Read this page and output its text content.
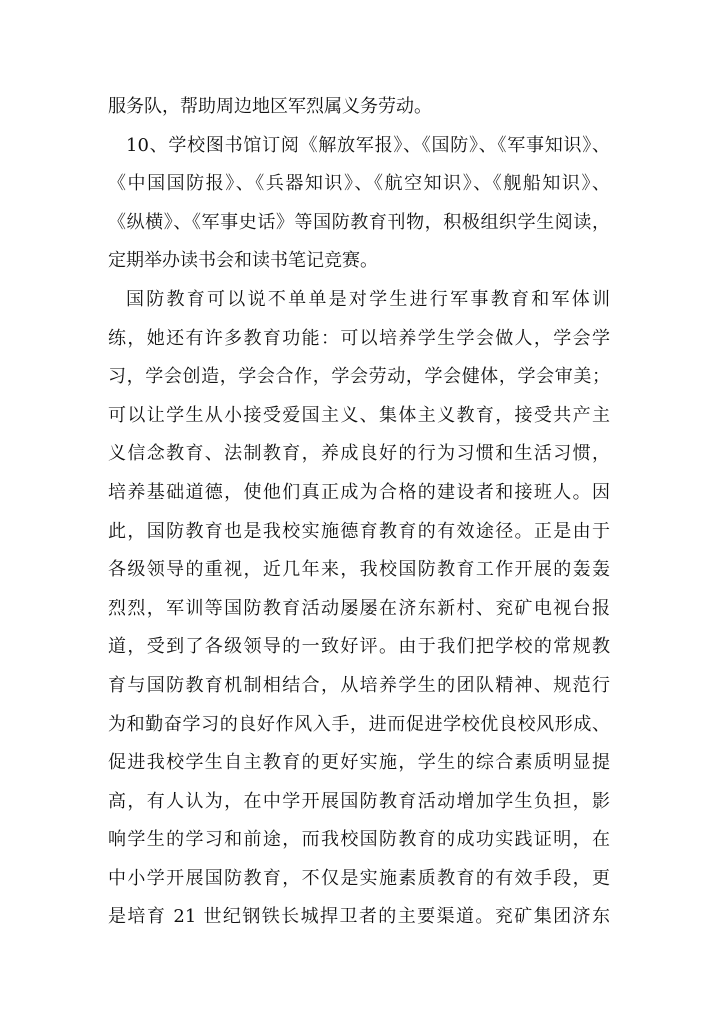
服务队，帮助周边地区军烈属义务劳动。
10、学校图书馆订阅《解放军报》、《国防》、《军事知识》、
《中国国防报》、《兵器知识》、《航空知识》、《舰船知识》、
《纵横》、《军事史话》等国防教育刊物，积极组织学生阅读，
定期举办读书会和读书笔记竞赛。
国防教育可以说不单单是对学生进行军事教育和军体训
练，她还有许多教育功能：可以培养学生学会做人，学会学
习，学会创造，学会合作，学会劳动，学会健体，学会审美；
可以让学生从小接受爱国主义、集体主义教育，接受共产主
义信念教育、法制教育，养成良好的行为习惯和生活习惯，
培养基础道德，使他们真正成为合格的建设者和接班人。因
此，国防教育也是我校实施德育教育的有效途径。正是由于
各级领导的重视，近几年来，我校国防教育工作开展的轰轰
烈烈，军训等国防教育活动屡屡在济东新村、兖矿电视台报
道，受到了各级领导的一致好评。由于我们把学校的常规教
育与国防教育机制相结合，从培养学生的团队精神、规范行
为和勤奋学习的良好作风入手，进而促进学校优良校风形成、
促进我校学生自主教育的更好实施，学生的综合素质明显提
高，有人认为，在中学开展国防教育活动增加学生负担，影
响学生的学习和前途，而我校国防教育的成功实践证明，在
中小学开展国防教育，不仅是实施素质教育的有效手段，更
是培育 21 世纪钢铁长城捍卫者的主要渠道。兖矿集团济东
